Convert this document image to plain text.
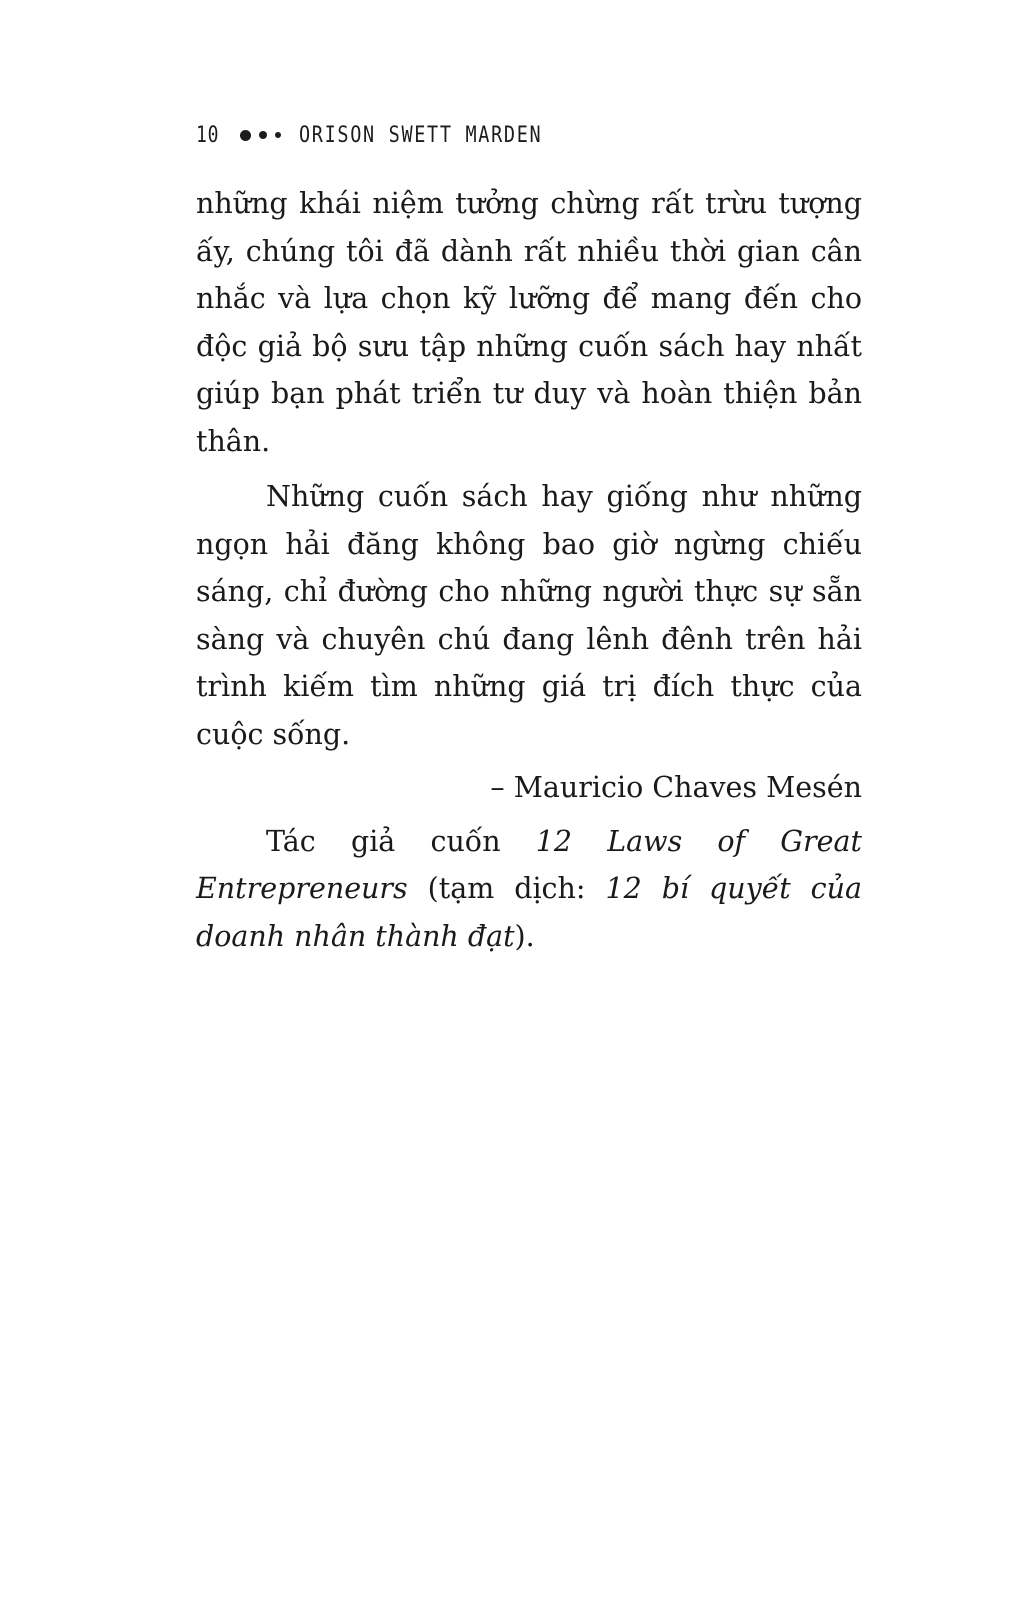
10	ORISON SWETT MARDEN

những khái niệm tưởng chừng rất trừu tượng ấy, chúng tôi đã dành rất nhiều thời gian cân nhắc và lựa chọn kỹ lưỡng để mang đến cho độc giả bộ sưu tập những cuốn sách hay nhất giúp bạn phát triển tư duy và hoàn thiện bản thân.

Những cuốn sách hay giống như những ngọn hải đăng không bao giờ ngừng chiếu sáng, chỉ đường cho những người thực sự sẵn sàng và chuyên chú đang lênh đênh trên hải trình kiếm tìm những giá trị đích thực của cuộc sống.

– Mauricio Chaves Mesén

Tác giả cuốn 12 Laws of Great Entrepreneurs (tạm dịch: 12 bí quyết của doanh nhân thành đạt).
